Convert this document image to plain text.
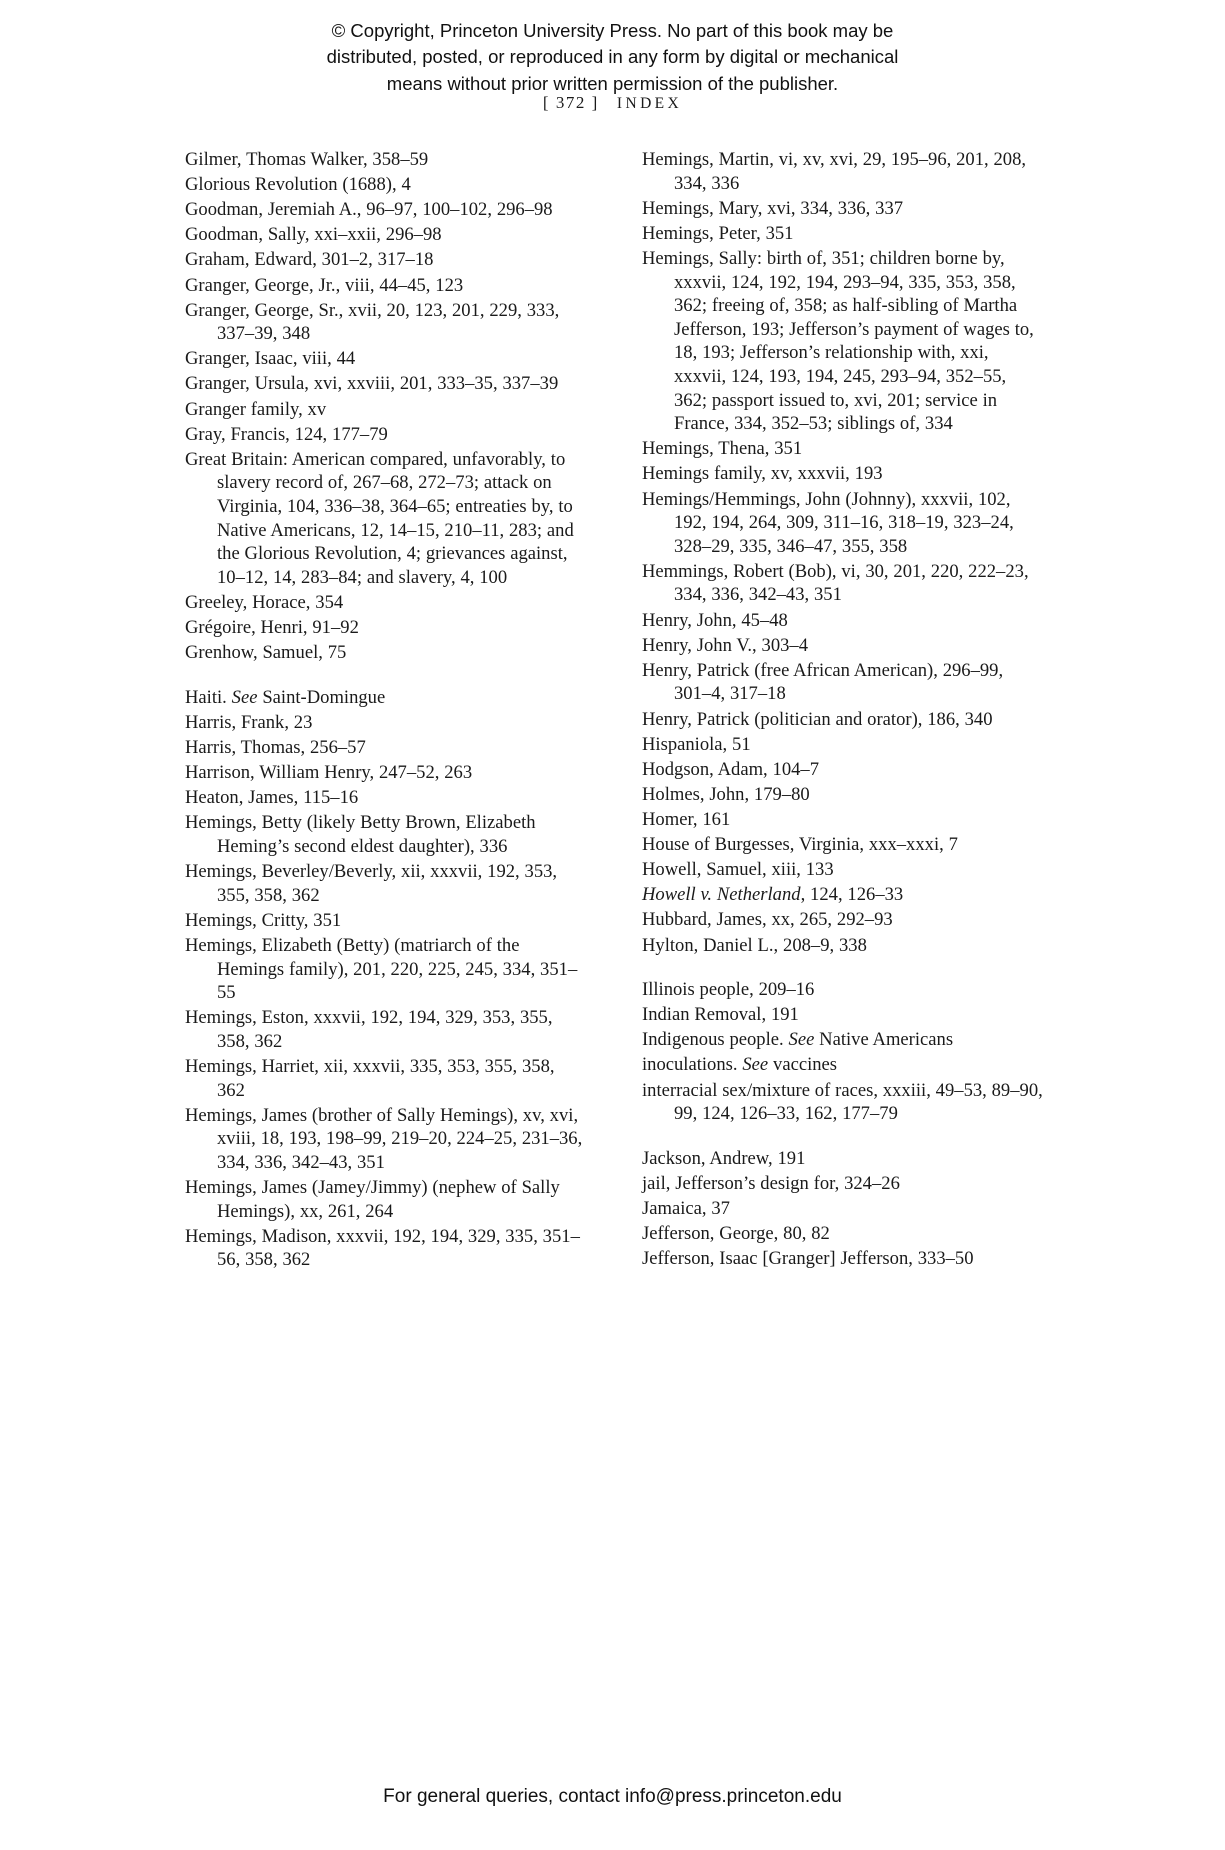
© Copyright, Princeton University Press. No part of this book may be
distributed, posted, or reproduced in any form by digital or mechanical
means without prior written permission of the publisher.
[ 372 ] INDEX

Gilmer, Thomas Walker, 358–59

Glorious Revolution (1688), 4

Goodman, Jeremiah A., 96–97, 100–102, 296–98

Goodman, Sally, xxi–xxii, 296–98

Graham, Edward, 301–2, 317–18

Granger, George, Jr., viii, 44–45, 123

Granger, George, Sr., xvii, 20, 123, 201, 229, 333, 337–39, 348

Granger, Isaac, viii, 44

Granger, Ursula, xvi, xxviii, 201, 333–35, 337–39

Granger family, xv

Gray, Francis, 124, 177–79

Great Britain: American compared, unfavorably, to slavery record of, 267–68, 272–73; attack on Virginia, 104, 336–38, 364–65; entreaties by, to Native Americans, 12, 14–15, 210–11, 283; and the Glorious Revolution, 4; grievances against, 10–12, 14, 283–84; and slavery, 4, 100

Greeley, Horace, 354

Grégoire, Henri, 91–92

Grenhow, Samuel, 75

Haiti. See Saint-Domingue

Harris, Frank, 23

Harris, Thomas, 256–57

Harrison, William Henry, 247–52, 263

Heaton, James, 115–16

Hemings, Betty (likely Betty Brown, Elizabeth Heming’s second eldest daughter), 336

Hemings, Beverley/Beverly, xii, xxxvii, 192, 353, 355, 358, 362

Hemings, Critty, 351

Hemings, Elizabeth (Betty) (matriarch of the Hemings family), 201, 220, 225, 245, 334, 351–55

Hemings, Eston, xxxvii, 192, 194, 329, 353, 355, 358, 362

Hemings, Harriet, xii, xxxvii, 335, 353, 355, 358, 362

Hemings, James (brother of Sally Hemings), xv, xvi, xviii, 18, 193, 198–99, 219–20, 224–25, 231–36, 334, 336, 342–43, 351

Hemings, James (Jamey/Jimmy) (nephew of Sally Hemings), xx, 261, 264

Hemings, Madison, xxxvii, 192, 194, 329, 335, 351–56, 358, 362

Hemings, Martin, vi, xv, xvi, 29, 195–96, 201, 208, 334, 336

Hemings, Mary, xvi, 334, 336, 337

Hemings, Peter, 351

Hemings, Sally: birth of, 351; children borne by, xxxvii, 124, 192, 194, 293–94, 335, 353, 358, 362; freeing of, 358; as half-sibling of Martha Jefferson, 193; Jefferson’s payment of wages to, 18, 193; Jefferson’s relationship with, xxi, xxxvii, 124, 193, 194, 245, 293–94, 352–55, 362; passport issued to, xvi, 201; service in France, 334, 352–53; siblings of, 334

Hemings, Thena, 351

Hemings family, xv, xxxvii, 193

Hemings/Hemmings, John (Johnny), xxxvii, 102, 192, 194, 264, 309, 311–16, 318–19, 323–24, 328–29, 335, 346–47, 355, 358

Hemmings, Robert (Bob), vi, 30, 201, 220, 222–23, 334, 336, 342–43, 351

Henry, John, 45–48

Henry, John V., 303–4

Henry, Patrick (free African American), 296–99, 301–4, 317–18

Henry, Patrick (politician and orator), 186, 340

Hispaniola, 51

Hodgson, Adam, 104–7

Holmes, John, 179–80

Homer, 161

House of Burgesses, Virginia, xxx–xxxi, 7

Howell, Samuel, xiii, 133

Howell v. Netherland, 124, 126–33

Hubbard, James, xx, 265, 292–93

Hylton, Daniel L., 208–9, 338

Illinois people, 209–16

Indian Removal, 191

Indigenous people. See Native Americans

inoculations. See vaccines

interracial sex/mixture of races, xxxiii, 49–53, 89–90, 99, 124, 126–33, 162, 177–79

Jackson, Andrew, 191

jail, Jefferson’s design for, 324–26

Jamaica, 37

Jefferson, George, 80, 82

Jefferson, Isaac [Granger] Jefferson, 333–50

For general queries, contact info@press.princeton.edu
